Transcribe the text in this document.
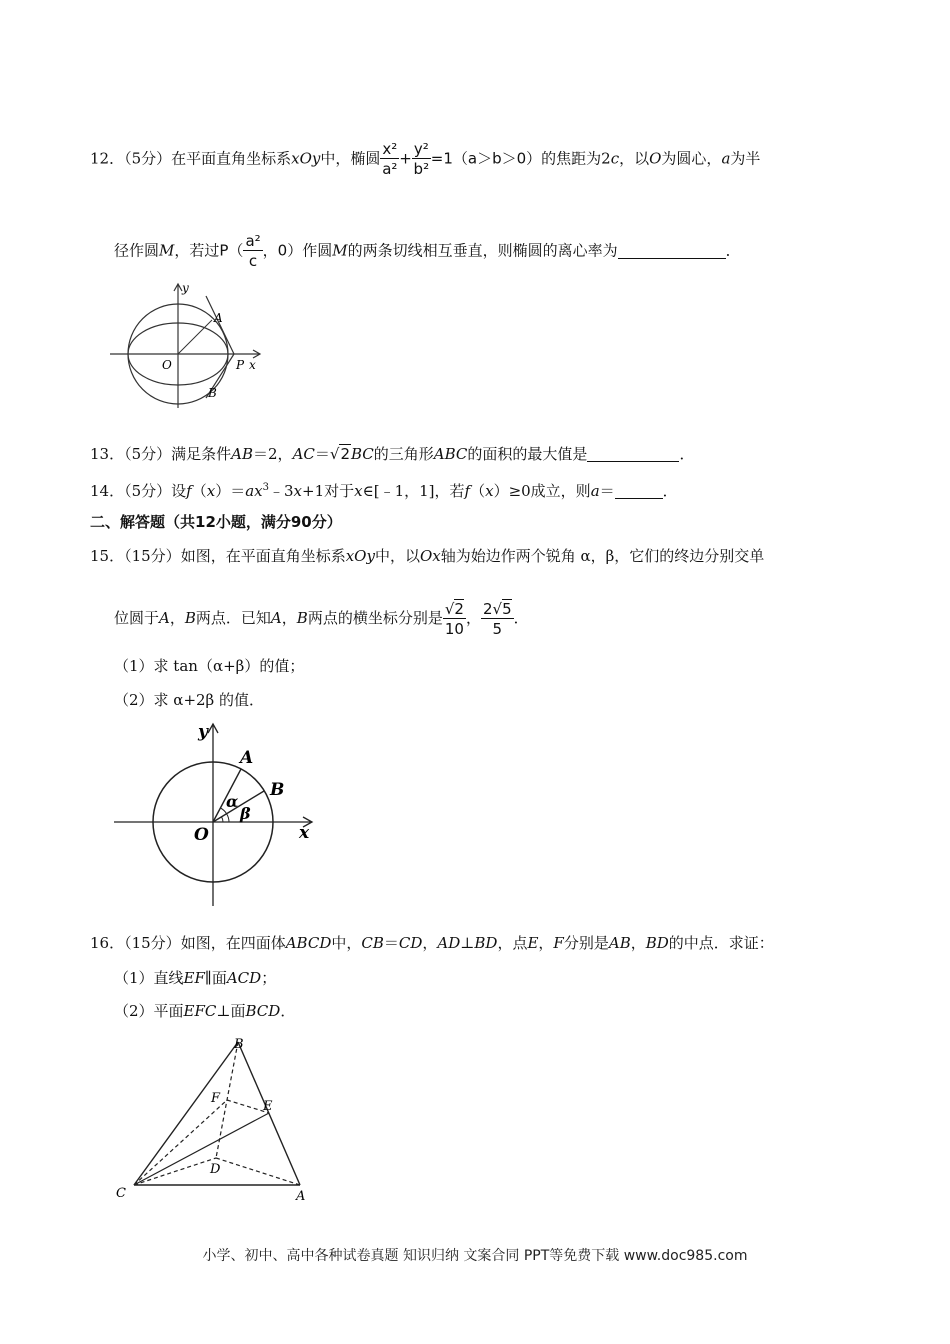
12．（5分）在平面直角坐标系xOy中，椭圆 $\frac{\text{x²}}{\text{a²}} + \frac{\text{y²}}{\text{b²}} =1(a>b>0)$的焦距为2c，以O为圆心，a为半
径作圆M，若过$P( \frac{\text{a²}}{c}$ ，0）作圆M的两条切线相互垂直，则椭圆的离心率为	．
y
A
O	P x
B
13．（5分）满足条件AB＝2，AC＝√2BC的三角形ABC的面积的最大值是	．
14．（5分）设$f(x)=ax^3﹣3x+1$对于x∈[﹣1，1]，若f（x）≥0成立，则a＝	．
二、解答题（共12小题，满分90分）
15．（15分）如图，在平面直角坐标系xOy中，以Ox轴为始边作两个锐角 α，β，它们的终边分别交单
位圆于A，B两点．已知A，B两点的横坐标分别是 $\frac{√2}{10}$ ， $\frac{2√5}{5}$ ．
（1）求 tan（α+β）的值；
（2）求 α+2β 的值．
y
A
B
α
β
O	x
16．（15分）如图，在四面体ABCD中，CB＝CD，AD⊥BD，点E，F分别是AB，BD的中点．求证：
（1）直线EF∥面ACD；
（2）平面EFC⊥面BCD．
B
F
E
D
C	A
小学、初中、高中各种试卷真题 知识归纳 文案合同 PPT等免费下载 www.doc985.com
